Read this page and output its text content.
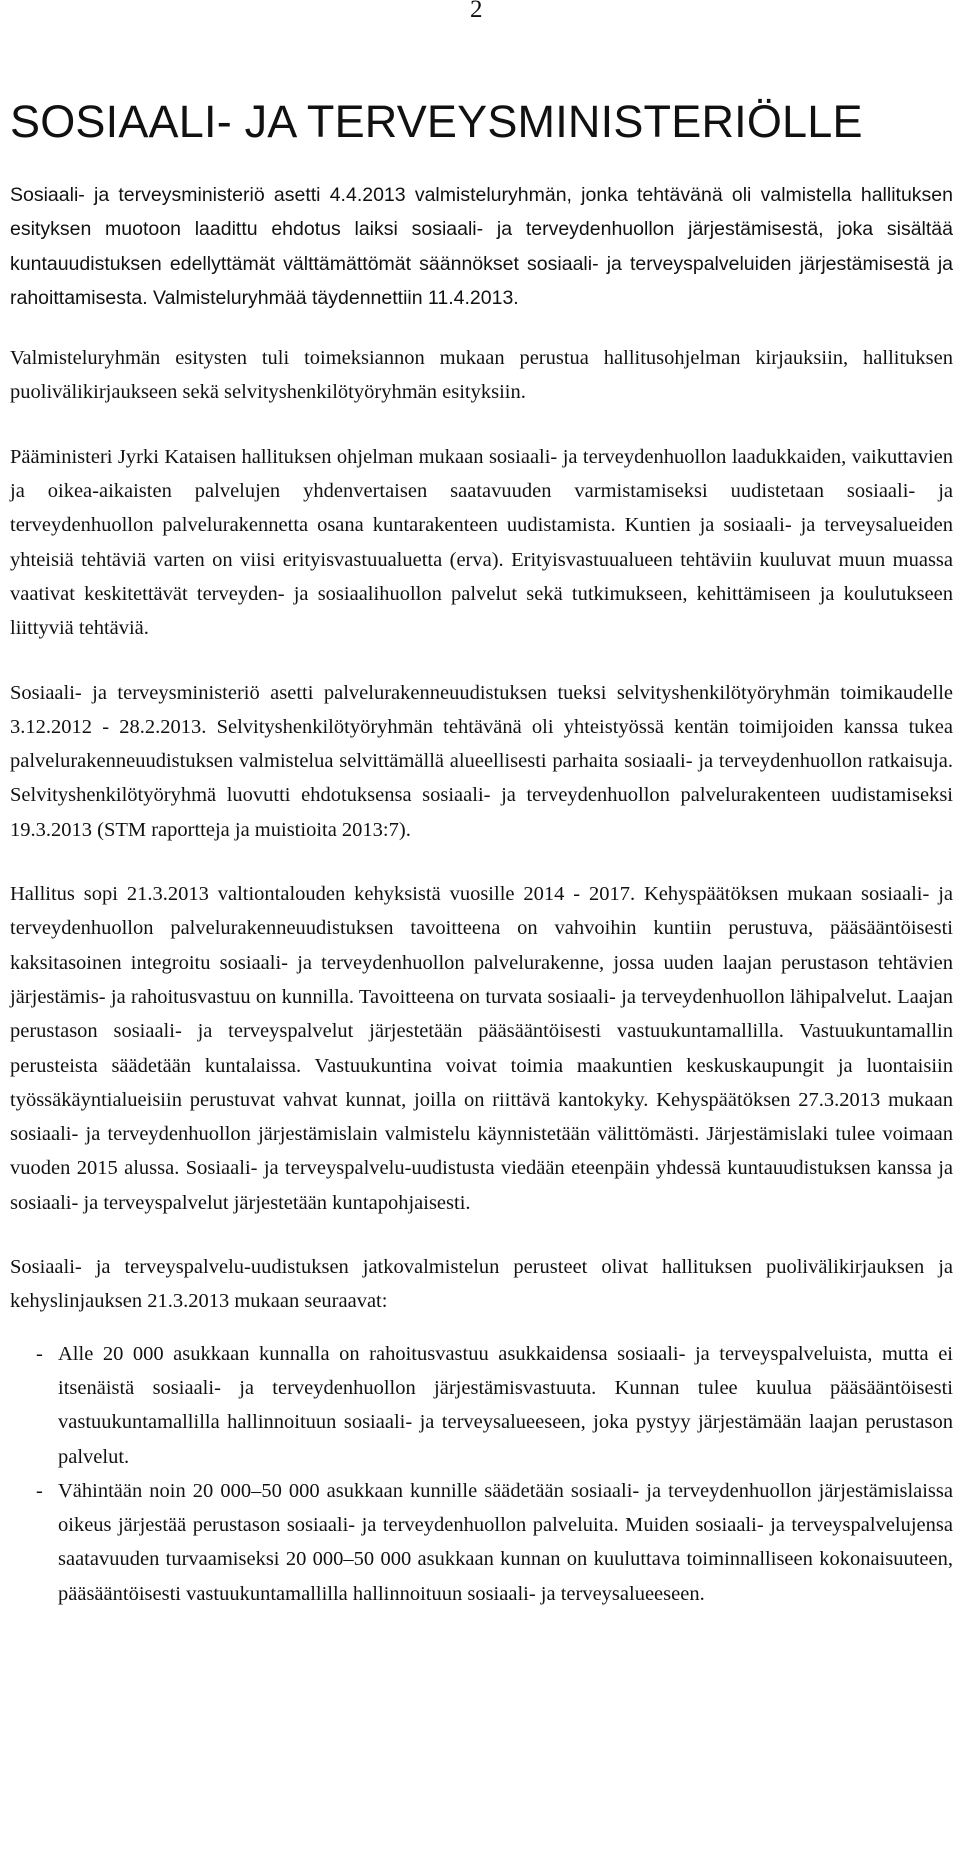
2
SOSIAALI- JA TERVEYSMINISTERIÖLLE

Sosiaali- ja terveysministeriö asetti 4.4.2013 valmisteluryhmän, jonka tehtävänä oli valmistella hallituksen esityksen muotoon laadittu ehdotus laiksi sosiaali- ja terveydenhuollon järjestämisestä, joka sisältää kuntauudistuksen edellyttämät välttämättömät säännökset sosiaali- ja terveyspalveluiden järjestämisestä ja rahoittamisesta. Valmisteluryhmää täydennettiin 11.4.2013.

Valmisteluryhmän esitysten tuli toimeksiannon mukaan perustua hallitusohjelman kirjauksiin, hallituksen puolivälikirjaukseen sekä selvityshenkilötyöryhmän esityksiin.

Pääministeri Jyrki Kataisen hallituksen ohjelman mukaan sosiaali- ja terveydenhuollon laadukkaiden, vaikuttavien ja oikea-aikaisten palvelujen yhdenvertaisen saatavuuden varmistamiseksi uudistetaan sosiaali- ja terveydenhuollon palvelurakennetta osana kuntarakenteen uudistamista. Kuntien ja sosiaali- ja terveysalueiden yhteisiä tehtäviä varten on viisi erityisvastuualuetta (erva). Erityisvastuualueen tehtäviin kuuluvat muun muassa vaativat keskitettävät terveyden- ja sosiaalihuollon palvelut sekä tutkimukseen, kehittämiseen ja koulutukseen liittyviä tehtäviä.

Sosiaali- ja terveysministeriö asetti palvelurakenneuudistuksen tueksi selvityshenkilötyöryhmän toimikaudelle 3.12.2012 - 28.2.2013. Selvityshenkilötyöryhmän tehtävänä oli yhteistyössä kentän toimijoiden kanssa tukea palvelurakenneuudistuksen valmistelua selvittämällä alueellisesti parhaita sosiaali- ja terveydenhuollon ratkaisuja. Selvityshenkilötyöryhmä luovutti ehdotuksensa sosiaali- ja terveydenhuollon palvelurakenteen uudistamiseksi 19.3.2013 (STM raportteja ja muistioita 2013:7).

Hallitus sopi 21.3.2013 valtiontalouden kehyksistä vuosille 2014 - 2017. Kehyspäätöksen mukaan sosiaali- ja terveydenhuollon palvelurakenneuudistuksen tavoitteena on vahvoihin kuntiin perustuva, pääsääntöisesti kaksitasoinen integroitu sosiaali- ja terveydenhuollon palvelurakenne, jossa uuden laajan perustason tehtävien järjestämis- ja rahoitusvastuu on kunnilla. Tavoitteena on turvata sosiaali- ja terveydenhuollon lähipalvelut. Laajan perustason sosiaali- ja terveyspalvelut järjestetään pääsääntöisesti vastuukuntamallilla. Vastuukuntamallin perusteista säädetään kuntalaissa. Vastuukuntina voivat toimia maakuntien keskuskaupungit ja luontaisiin työssäkäyntialueisiin perustuvat vahvat kunnat, joilla on riittävä kantokyky. Kehyspäätöksen 27.3.2013 mukaan sosiaali- ja terveydenhuollon järjestämislain valmistelu käynnistetään välittömästi. Järjestämislaki tulee voimaan vuoden 2015 alussa. Sosiaali- ja terveyspalvelu-uudistusta viedään eteenpäin yhdessä kuntauudistuksen kanssa ja sosiaali- ja terveyspalvelut järjestetään kuntapohjaisesti.

Sosiaali- ja terveyspalvelu-uudistuksen jatkovalmistelun perusteet olivat hallituksen puolivälikirjauksen ja kehyslinjauksen 21.3.2013 mukaan seuraavat:

- Alle 20 000 asukkaan kunnalla on rahoitusvastuu asukkaidensa sosiaali- ja terveyspalveluista, mutta ei itsenäistä sosiaali- ja terveydenhuollon järjestämisvastuuta. Kunnan tulee kuulua pääsääntöisesti vastuukuntamallilla hallinnoituun sosiaali- ja terveysalueeseen, joka pystyy järjestämään laajan perustason palvelut.
- Vähintään noin 20 000–50 000 asukkaan kunnille säädetään sosiaali- ja terveydenhuollon järjestämislaissa oikeus järjestää perustason sosiaali- ja terveydenhuollon palveluita. Muiden sosiaali- ja terveyspalvelujensa saatavuuden turvaamiseksi 20 000–50 000 asukkaan kunnan on kuuluttava toiminnalliseen kokonaisuuteen, pääsääntöisesti vastuukuntamallilla hallinnoituun sosiaali- ja terveysalueeseen.
